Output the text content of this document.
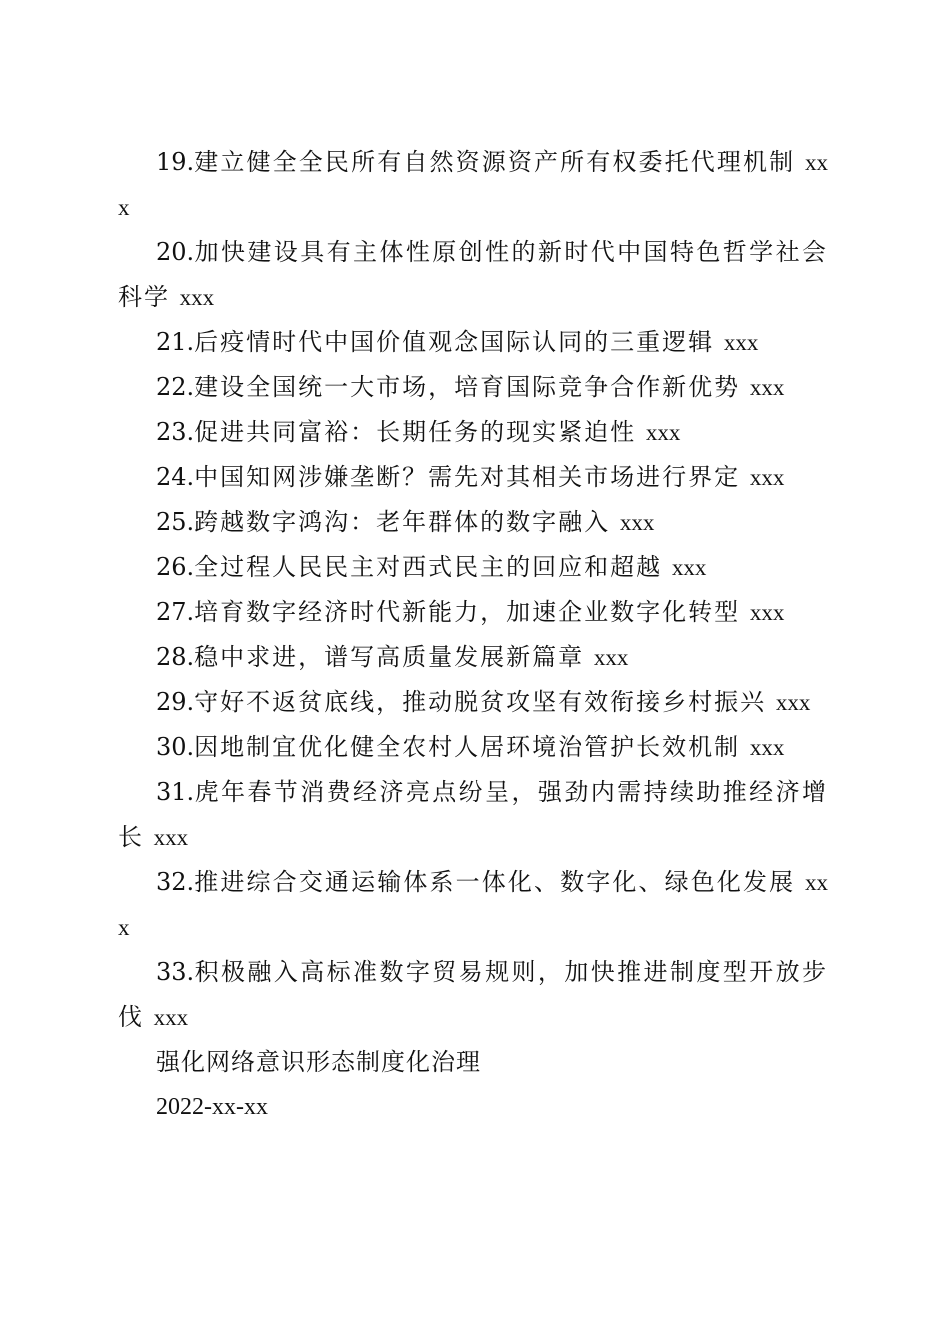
19.建立健全全民所有自然资源资产所有权委托代理机制 xxx

20.加快建设具有主体性原创性的新时代中国特色哲学社会科学 xxx

21.后疫情时代中国价值观念国际认同的三重逻辑 xxx

22.建设全国统一大市场，培育国际竞争合作新优势 xxx

23.促进共同富裕：长期任务的现实紧迫性 xxx

24.中国知网涉嫌垄断？需先对其相关市场进行界定 xxx

25.跨越数字鸿沟：老年群体的数字融入 xxx

26.全过程人民民主对西式民主的回应和超越 xxx

27.培育数字经济时代新能力，加速企业数字化转型 xxx

28.稳中求进，谱写高质量发展新篇章 xxx

29.守好不返贫底线，推动脱贫攻坚有效衔接乡村振兴 xxx

30.因地制宜优化健全农村人居环境治管护长效机制 xxx

31.虎年春节消费经济亮点纷呈，强劲内需持续助推经济增长 xxx

32.推进综合交通运输体系一体化、数字化、绿色化发展 xxx

33.积极融入高标准数字贸易规则，加快推进制度型开放步伐 xxx

强化网络意识形态制度化治理

2022-xx-xx
